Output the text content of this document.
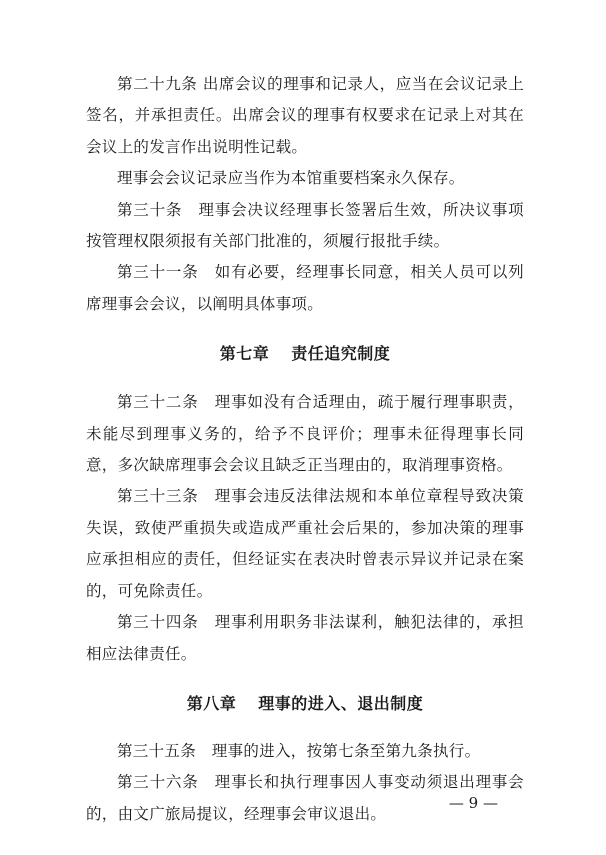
第二十九条 出席会议的理事和记录人，应当在会议记录上签名，并承担责任。出席会议的理事有权要求在记录上对其在会议上的发言作出说明性记载。

理事会会议记录应当作为本馆重要档案永久保存。

第三十条　理事会决议经理事长签署后生效，所决议事项按管理权限须报有关部门批准的，须履行报批手续。

第三十一条　如有必要，经理事长同意，相关人员可以列席理事会会议，以阐明具体事项。

第七章 责任追究制度

第三十二条　理事如没有合适理由，疏于履行理事职责，未能尽到理事义务的，给予不良评价；理事未征得理事长同意，多次缺席理事会会议且缺乏正当理由的，取消理事资格。

第三十三条　理事会违反法律法规和本单位章程导致决策失误，致使严重损失或造成严重社会后果的，参加决策的理事应承担相应的责任，但经证实在表决时曾表示异议并记录在案的，可免除责任。

第三十四条　理事利用职务非法谋利，触犯法律的，承担相应法律责任。

第八章 理事的进入、退出制度

第三十五条　理事的进入，按第七条至第九条执行。

第三十六条　理事长和执行理事因人事变动须退出理事会的，由文广旅局提议，经理事会审议退出。

— 9 —
